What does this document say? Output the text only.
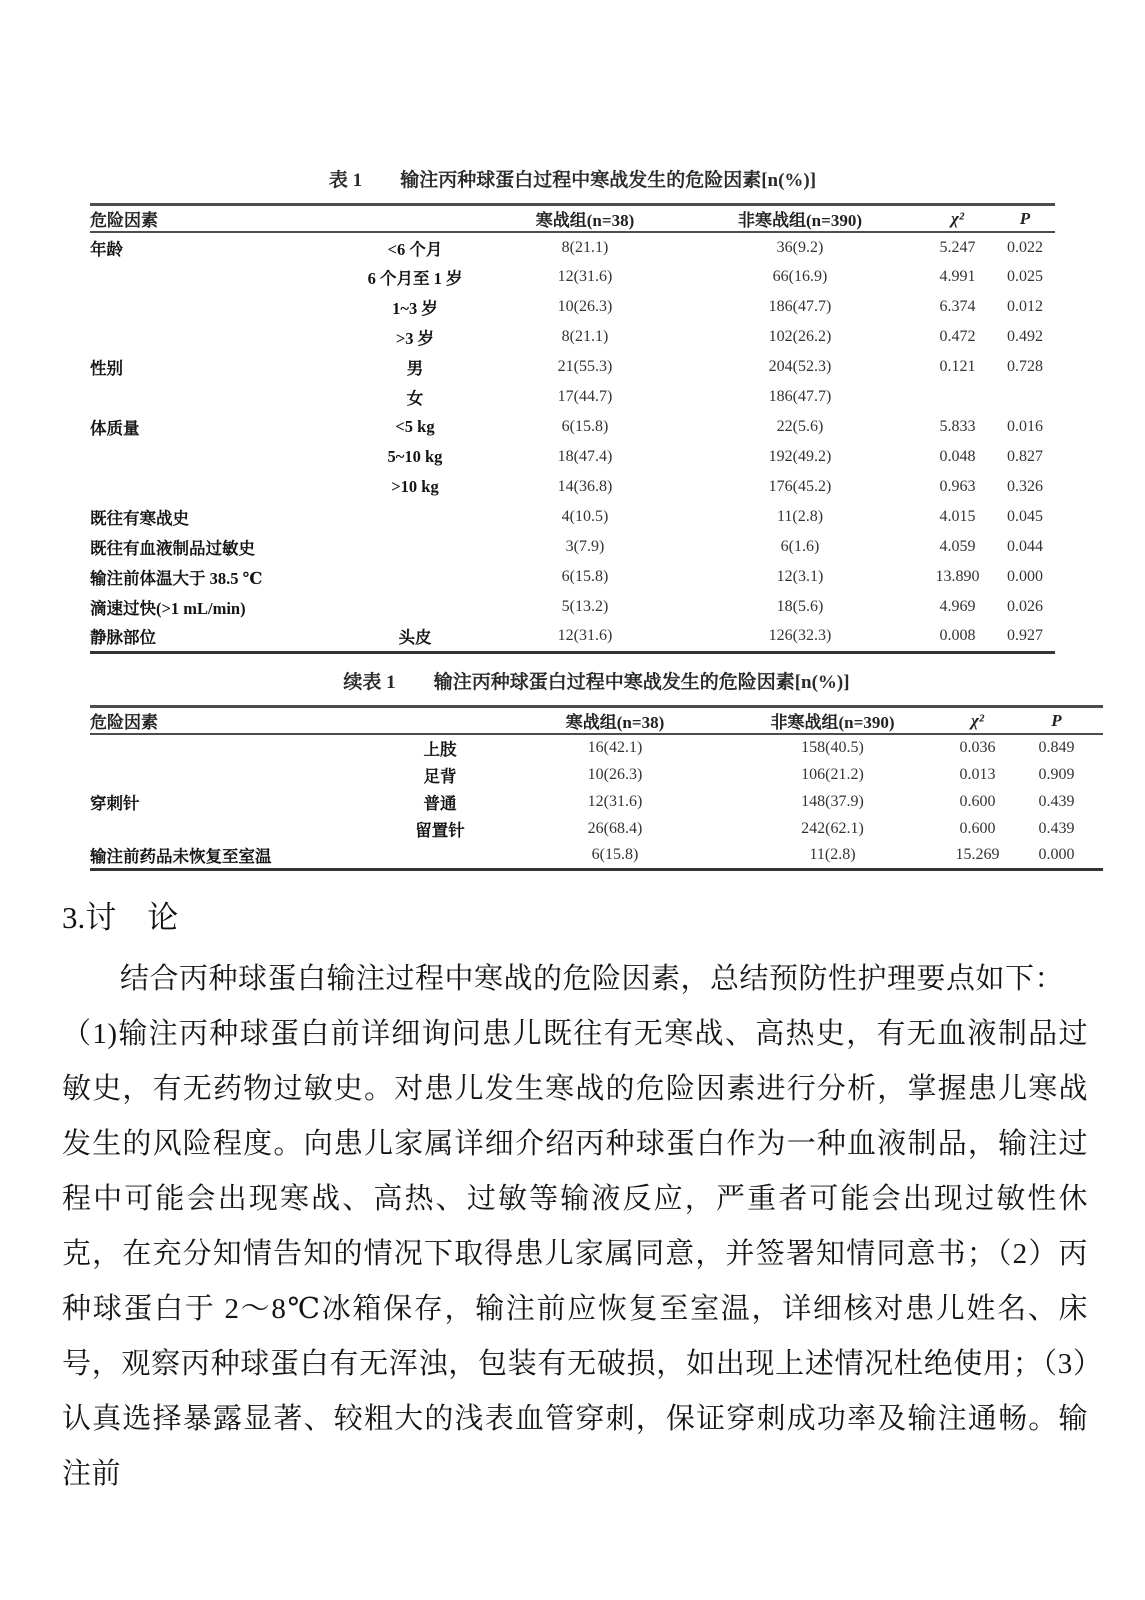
表 1 输注丙种球蛋白过程中寒战发生的危险因素[n(%)]
危险因素		寒战组(n=38)	非寒战组(n=390)	χ²	P
年龄	<6 个月	8(21.1)	36(9.2)	5.247	0.022
	6 个月至 1 岁	12(31.6)	66(16.9)	4.991	0.025
	1~3 岁	10(26.3)	186(47.7)	6.374	0.012
	>3 岁	8(21.1)	102(26.2)	0.472	0.492
性别	男	21(55.3)	204(52.3)	0.121	0.728
	女	17(44.7)	186(47.7)		
体质量	<5 kg	6(15.8)	22(5.6)	5.833	0.016
	5~10 kg	18(47.4)	192(49.2)	0.048	0.827
	>10 kg	14(36.8)	176(45.2)	0.963	0.326
既往有寒战史		4(10.5)	11(2.8)	4.015	0.045
既往有血液制品过敏史		3(7.9)	6(1.6)	4.059	0.044
输注前体温大于 38.5 ℃		6(15.8)	12(3.1)	13.890	0.000
滴速过快(>1 mL/min)		5(13.2)	18(5.6)	4.969	0.026
静脉部位	头皮	12(31.6)	126(32.3)	0.008	0.927
续表 1 输注丙种球蛋白过程中寒战发生的危险因素[n(%)]
危险因素		寒战组(n=38)	非寒战组(n=390)	χ²	P
	上肢	16(42.1)	158(40.5)	0.036	0.849
	足背	10(26.3)	106(21.2)	0.013	0.909
穿刺针	普通	12(31.6)	148(37.9)	0.600	0.439
	留置针	26(68.4)	242(62.1)	0.600	0.439
输注前药品未恢复至室温		6(15.8)	11(2.8)	15.269	0.000
3.讨　论

结合丙种球蛋白输注过程中寒战的危险因素，总结预防性护理要点如下：

（1)输注丙种球蛋白前详细询问患儿既往有无寒战、高热史，有无血液制品过敏史，有无药物过敏史。对患儿发生寒战的危险因素进行分析，掌握患儿寒战发生的风险程度。向患儿家属详细介绍丙种球蛋白作为一种血液制品，输注过程中可能会出现寒战、高热、过敏等输液反应，严重者可能会出现过敏性休克，在充分知情告知的情况下取得患儿家属同意，并签署知情同意书；（2）丙种球蛋白于 2～8℃冰箱保存，输注前应恢复至室温，详细核对患儿姓名、床号，观察丙种球蛋白有无浑浊，包装有无破损，如出现上述情况杜绝使用；（3）认真选择暴露显著、较粗大的浅表血管穿刺，保证穿刺成功率及输注通畅。输注前
